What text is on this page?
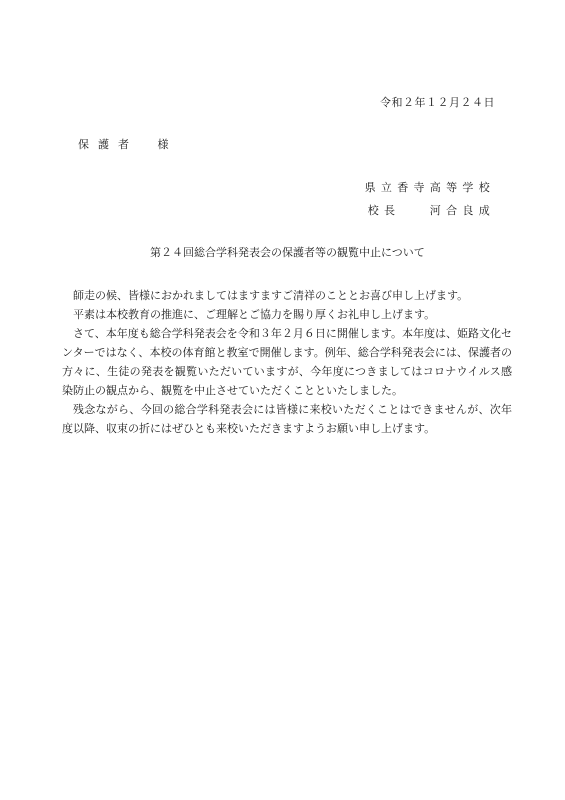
令和２年１２月２４日
保護者 様
県立香寺高等学校
校長	河合良成
第２４回総合学科発表会の保護者等の観覧中止について

師走の候、皆様におかれましてはますますご清祥のこととお喜び申し上げます。

平素は本校教育の推進に、ご理解とご協力を賜り厚くお礼申し上げます。

さて、本年度も総合学科発表会を令和３年２月６日に開催します。本年度は、姫路文化センターではなく、本校の体育館と教室で開催します。例年、総合学科発表会には、保護者の方々に、生徒の発表を観覧いただいていますが、今年度につきましてはコロナウイルス感染防止の観点から、観覧を中止させていただくことといたしました。

残念ながら、今回の総合学科発表会には皆様に来校いただくことはできませんが、次年度以降、収束の折にはぜひとも来校いただきますようお願い申し上げます。
